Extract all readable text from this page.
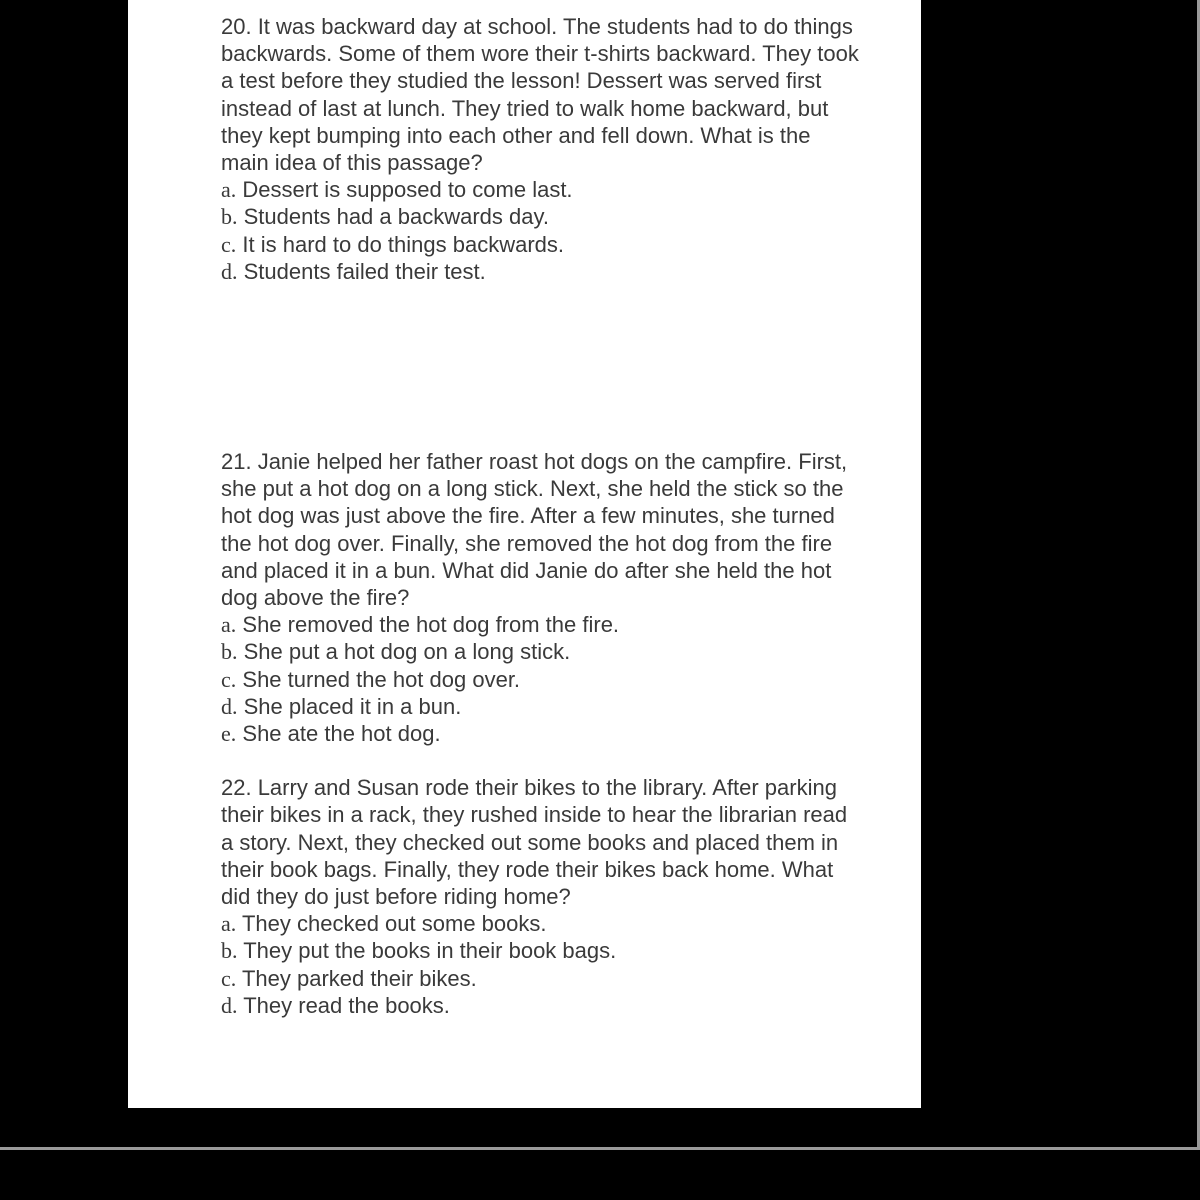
20. It was backward day at school. The students had to do things backwards. Some of them wore their t-shirts backward. They took a test before they studied the lesson! Dessert was served first instead of last at lunch. They tried to walk home backward, but they kept bumping into each other and fell down. What is the main idea of this passage?

a. Dessert is supposed to come last.

b. Students had a backwards day.

c. It is hard to do things backwards.

d. Students failed their test.

21. Janie helped her father roast hot dogs on the campfire. First, she put a hot dog on a long stick. Next, she held the stick so the hot dog was just above the fire. After a few minutes, she turned the hot dog over. Finally, she removed the hot dog from the fire and placed it in a bun. What did Janie do after she held the hot dog above the fire?

a. She removed the hot dog from the fire.

b. She put a hot dog on a long stick.

c. She turned the hot dog over.

d. She placed it in a bun.

e. She ate the hot dog.

22. Larry and Susan rode their bikes to the library. After parking their bikes in a rack, they rushed inside to hear the librarian read a story. Next, they checked out some books and placed them in their book bags. Finally, they rode their bikes back home. What did they do just before riding home?

a. They checked out some books.

b. They put the books in their book bags.

c. They parked their bikes.

d. They read the books.
